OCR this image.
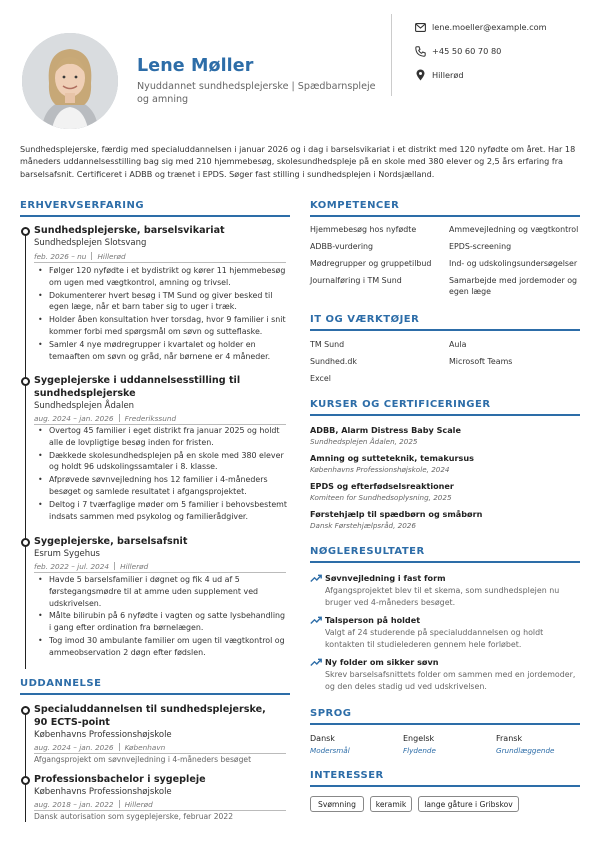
Lene Møller
Nyuddannet sundhedsplejerske | Spædbarnspleje og amning
lene.moeller@example.com
+45 50 60 70 80
Hillerød
Sundhedsplejerske, færdig med specialuddannelsen i januar 2026 og i dag i barselsvikariat i et distrikt med 120 nyfødte om året. Har 18 måneders uddannelsesstilling bag sig med 210 hjemmebesøg, skolesundhedspleje på en skole med 380 elever og 2,5 års erfaring fra barselsafsnit. Certificeret i ADBB og trænet i EPDS. Søger fast stilling i sundhedsplejen i Nordsjælland.
ERHVERVSERFARING
Sundhedsplejerske, barselsvikariat
Sundhedsplejen Slotsvang
feb. 2026 – nu Hillerød
• Følger 120 nyfødte i et bydistrikt og kører 11 hjemmebesøg om ugen med vægtkontrol, amning og trivsel.
• Dokumenterer hvert besøg i TM Sund og giver besked til egen læge, når et barn taber sig to uger i træk.
• Holder åben konsultation hver torsdag, hvor 9 familier i snit kommer forbi med spørgsmål om søvn og sutteflaske.
• Samler 4 nye mødregrupper i kvartalet og holder en temaaften om søvn og gråd, når børnene er 4 måneder.
Sygeplejerske i uddannelsesstilling til sundhedsplejerske
Sundhedsplejen Ådalen
aug. 2024 – jan. 2026 Frederikssund
• Overtog 45 familier i eget distrikt fra januar 2025 og holdt alle de lovpligtige besøg inden for fristen.
• Dækkede skolesundhedsplejen på en skole med 380 elever og holdt 96 udskolingssamtaler i 8. klasse.
• Afprøvede søvnvejledning hos 12 familier i 4-måneders besøget og samlede resultatet i afgangsprojektet.
• Deltog i 7 tværfaglige møder om 5 familier i behovsbestemt indsats sammen med psykolog og familierådgiver.
Sygeplejerske, barselsafsnit
Esrum Sygehus
feb. 2022 – jul. 2024 Hillerød
• Havde 5 barselsfamilier i døgnet og fik 4 ud af 5 førstegangsmødre til at amme uden supplement ved udskrivelsen.
• Målte bilirubin på 6 nyfødte i vagten og satte lysbehandling i gang efter ordination fra børnelægen.
• Tog imod 30 ambulante familier om ugen til vægtkontrol og ammeobservation 2 døgn efter fødslen.
UDDANNELSE
Specialuddannelsen til sundhedsplejerske, 90 ECTS-point
Københavns Professionshøjskole
aug. 2024 – jan. 2026 København
Afgangsprojekt om søvnvejledning i 4-måneders besøget
Professionsbachelor i sygepleje
Københavns Professionshøjskole
aug. 2018 – jan. 2022 Hillerød
Dansk autorisation som sygeplejerske, februar 2022
KOMPETENCER
Hjemmebesøg hos nyfødte	Ammevejledning og vægtkontrol
ADBB-vurdering	EPDS-screening
Mødregrupper og gruppetilbud	Ind- og udskolingsundersøgelser
Journalføring i TM Sund	Samarbejde med jordemoder og egen læge
IT OG VÆRKTØJER
TM Sund	Aula
Sundhed.dk	Microsoft Teams
Excel
KURSER OG CERTIFICERINGER
ADBB, Alarm Distress Baby Scale
Sundhedsplejen Ådalen, 2025
Amning og sutteteknik, temakursus
Københavns Professionshøjskole, 2024
EPDS og efterfødselsreaktioner
Komiteen for Sundhedsoplysning, 2025
Førstehjælp til spædbørn og småbørn
Dansk Førstehjælpsråd, 2026
NØGLERESULTATER
Søvnvejledning i fast form
Afgangsprojektet blev til et skema, som sundhedsplejen nu bruger ved 4-måneders besøget.
Talsperson på holdet
Valgt af 24 studerende på specialuddannelsen og holdt kontakten til studielederen gennem hele forløbet.
Ny folder om sikker søvn
Skrev barselsafsnittets folder om sammen med en jordemoder, og den deles stadig ud ved udskrivelsen.
SPROG
Dansk
Modersmål
Engelsk
Flydende
Fransk
Grundlæggende
INTERESSER
Svømning	keramik	lange gåture i Gribskov
